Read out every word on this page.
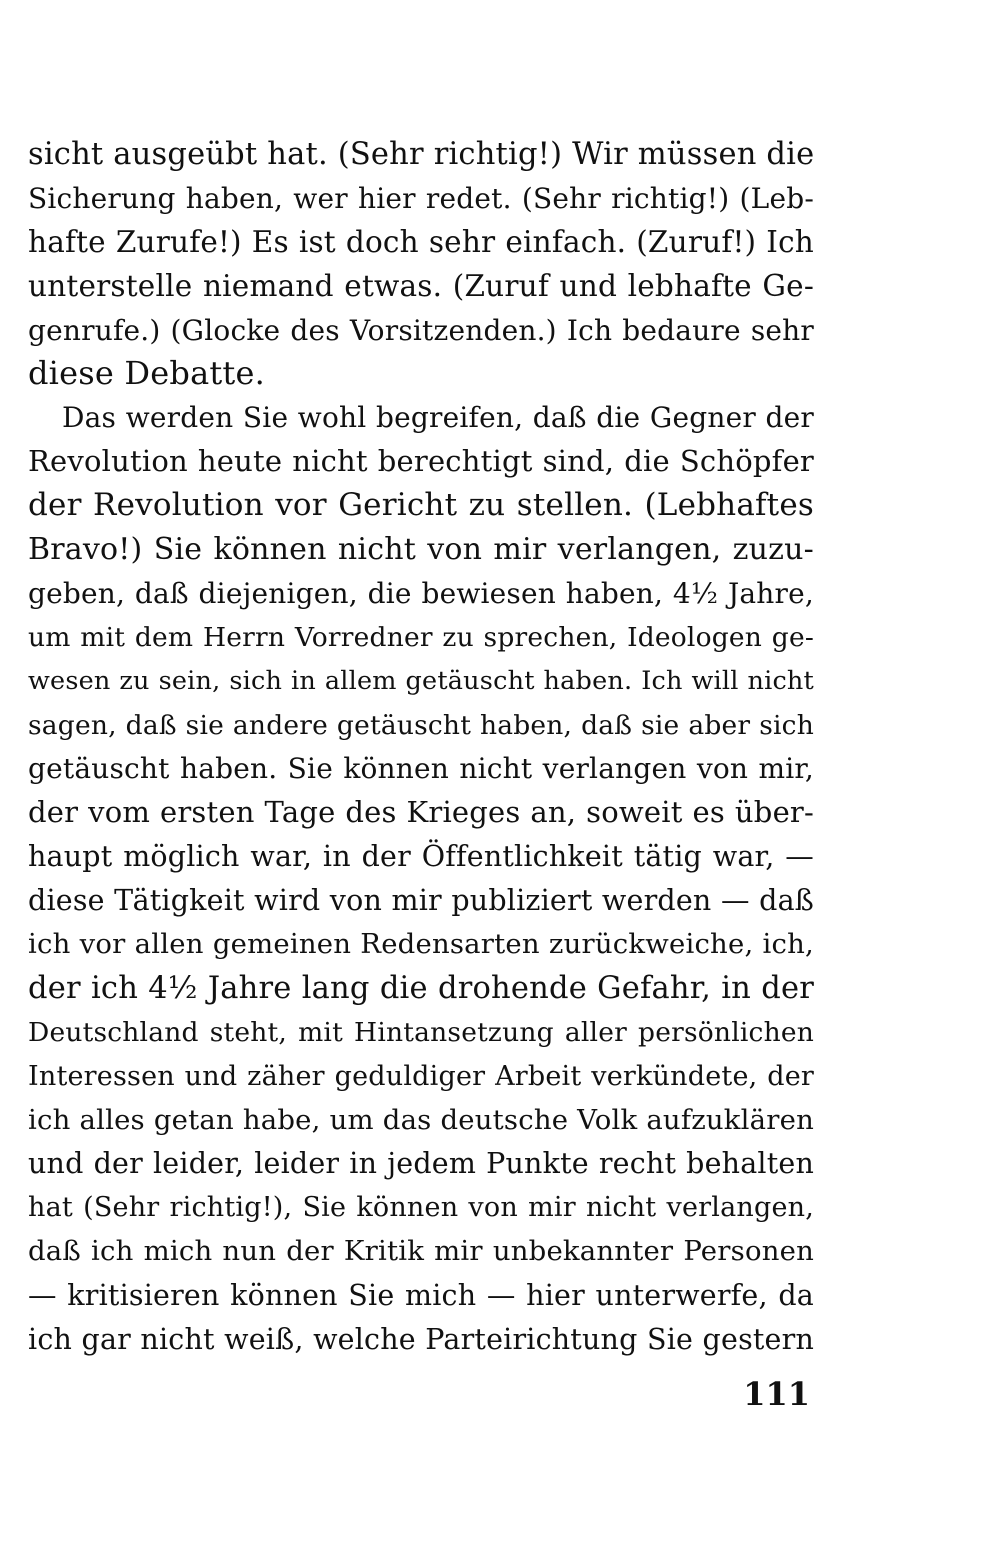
sicht ausgeübt hat. (Sehr richtig!) Wir müssen die
Sicherung haben, wer hier redet. (Sehr richtig!) (Leb-
hafte Zurufe!) Es ist doch sehr einfach. (Zuruf!) Ich
unterstelle niemand etwas. (Zuruf und lebhafte Ge-
genrufe.) (Glocke des Vorsitzenden.) Ich bedaure sehr
diese Debatte.
Das werden Sie wohl begreifen, daß die Gegner der
Revolution heute nicht berechtigt sind, die Schöpfer
der Revolution vor Gericht zu stellen. (Lebhaftes
Bravo!) Sie können nicht von mir verlangen, zuzu-
geben, daß diejenigen, die bewiesen haben, 4½ Jahre,
um mit dem Herrn Vorredner zu sprechen, Ideologen ge-
wesen zu sein, sich in allem getäuscht haben. Ich will nicht
sagen, daß sie andere getäuscht haben, daß sie aber sich
getäuscht haben. Sie können nicht verlangen von mir,
der vom ersten Tage des Krieges an, soweit es über-
haupt möglich war, in der Öffentlichkeit tätig war, —
diese Tätigkeit wird von mir publiziert werden — daß
ich vor allen gemeinen Redensarten zurückweiche, ich,
der ich 4½ Jahre lang die drohende Gefahr, in der
Deutschland steht, mit Hintansetzung aller persönlichen
Interessen und zäher geduldiger Arbeit verkündete, der
ich alles getan habe, um das deutsche Volk aufzuklären
und der leider, leider in jedem Punkte recht behalten
hat (Sehr richtig!), Sie können von mir nicht verlangen,
daß ich mich nun der Kritik mir unbekannter Personen
— kritisieren können Sie mich — hier unterwerfe, da
ich gar nicht weiß, welche Parteirichtung Sie gestern
111
